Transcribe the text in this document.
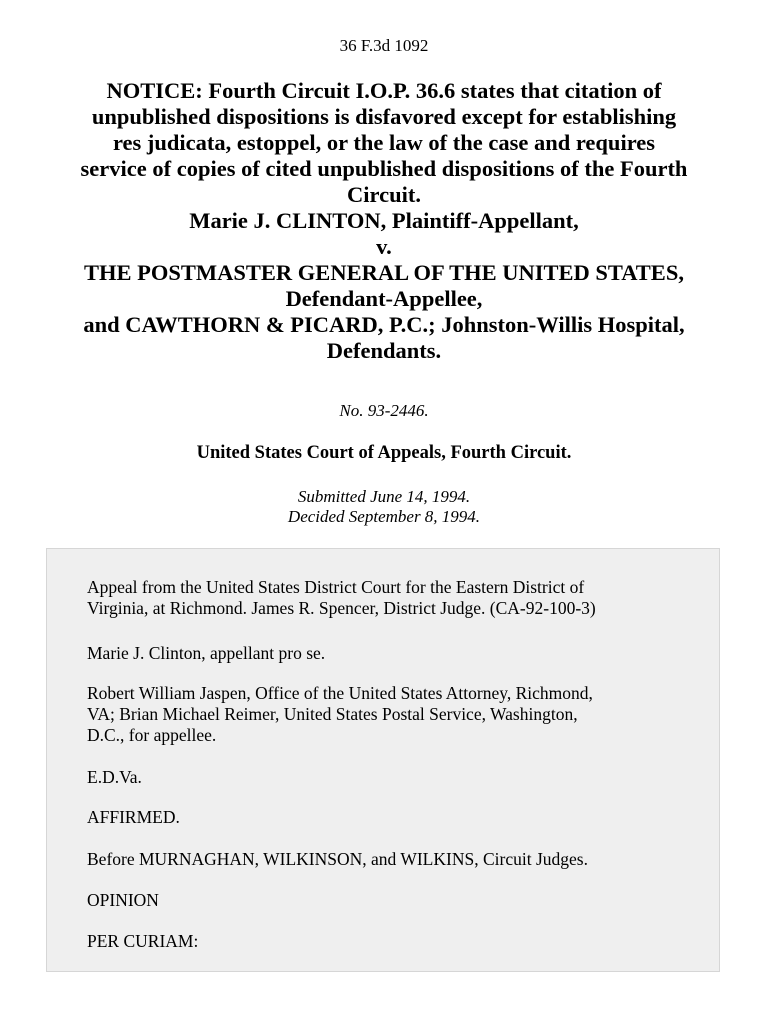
36 F.3d 1092
NOTICE: Fourth Circuit I.O.P. 36.6 states that citation of
unpublished dispositions is disfavored except for establishing
res judicata, estoppel, or the law of the case and requires
service of copies of cited unpublished dispositions of the Fourth
Circuit.
Marie J. CLINTON, Plaintiff-Appellant,
v.
THE POSTMASTER GENERAL OF THE UNITED STATES,
Defendant-Appellee,
and CAWTHORN & PICARD, P.C.; Johnston-Willis Hospital,
Defendants.
No. 93-2446.
United States Court of Appeals, Fourth Circuit.
Submitted June 14, 1994.
Decided September 8, 1994.

Appeal from the United States District Court for the Eastern District of
Virginia, at Richmond. James R. Spencer, District Judge. (CA-92-100-3)

Marie J. Clinton, appellant pro se.

Robert William Jaspen, Office of the United States Attorney, Richmond,
VA; Brian Michael Reimer, United States Postal Service, Washington,
D.C., for appellee.

E.D.Va.

AFFIRMED.

Before MURNAGHAN, WILKINSON, and WILKINS, Circuit Judges.

OPINION

PER CURIAM:
